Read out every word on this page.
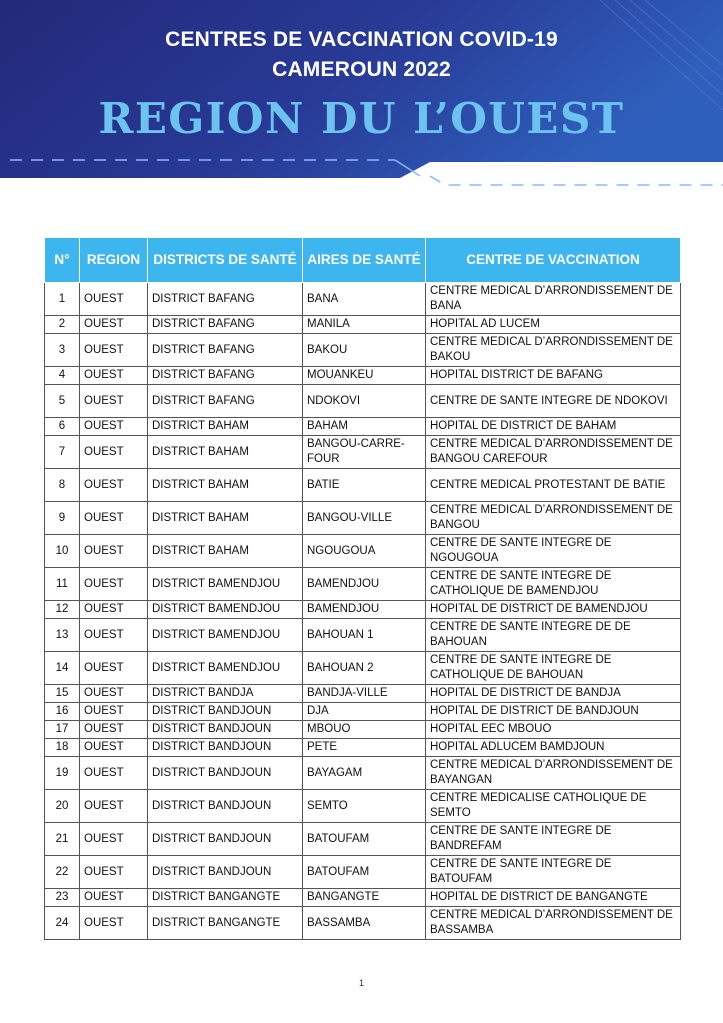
CENTRES DE VACCINATION COVID-19
CAMEROUN 2022
REGION DU L’OUEST
N°	REGION	DISTRICTS DE SANTÉ	AIRES DE SANTÉ	CENTRE DE VACCINATION
1	OUEST	DISTRICT BAFANG	BANA	CENTRE MEDICAL D’ARRONDISSEMENT DE BANA
2	OUEST	DISTRICT BAFANG	MANILA	HOPITAL AD LUCEM
3	OUEST	DISTRICT BAFANG	BAKOU	CENTRE MEDICAL D’ARRONDISSEMENT DE BAKOU
4	OUEST	DISTRICT BAFANG	MOUANKEU	HOPITAL DISTRICT DE BAFANG
5	OUEST	DISTRICT BAFANG	NDOKOVI	CENTRE DE SANTE INTEGRE DE NDOKOVI
6	OUEST	DISTRICT BAHAM	BAHAM	HOPITAL DE DISTRICT DE BAHAM
7	OUEST	DISTRICT BAHAM	BANGOU-CARRE-FOUR	CENTRE MEDICAL D’ARRONDISSEMENT DE BANGOU CAREFOUR
8	OUEST	DISTRICT BAHAM	BATIE	CENTRE MEDICAL PROTESTANT DE BATIE
9	OUEST	DISTRICT BAHAM	BANGOU-VILLE	CENTRE MEDICAL D’ARRONDISSEMENT DE BANGOU
10	OUEST	DISTRICT BAHAM	NGOUGOUA	CENTRE DE SANTE INTEGRE DE NGOUGOUA
11	OUEST	DISTRICT BAMENDJOU	BAMENDJOU	CENTRE DE SANTE INTEGRE DE CATHOLIQUE DE BAMENDJOU
12	OUEST	DISTRICT BAMENDJOU	BAMENDJOU	HOPITAL DE DISTRICT DE BAMENDJOU
13	OUEST	DISTRICT BAMENDJOU	BAHOUAN 1	CENTRE DE SANTE INTEGRE DE DE BAHOUAN
14	OUEST	DISTRICT BAMENDJOU	BAHOUAN 2	CENTRE DE SANTE INTEGRE DE CATHOLIQUE DE BAHOUAN
15	OUEST	DISTRICT BANDJA	BANDJA-VILLE	HOPITAL DE DISTRICT DE BANDJA
16	OUEST	DISTRICT BANDJOUN	DJA	HOPITAL DE DISTRICT DE BANDJOUN
17	OUEST	DISTRICT BANDJOUN	MBOUO	HOPITAL EEC MBOUO
18	OUEST	DISTRICT BANDJOUN	PETE	HOPITAL ADLUCEM BAMDJOUN
19	OUEST	DISTRICT BANDJOUN	BAYAGAM	CENTRE MEDICAL D’ARRONDISSEMENT DE BAYANGAN
20	OUEST	DISTRICT BANDJOUN	SEMTO	CENTRE MEDICALISE CATHOLIQUE DE SEMTO
21	OUEST	DISTRICT BANDJOUN	BATOUFAM	CENTRE DE SANTE INTEGRE DE BANDREFAM
22	OUEST	DISTRICT BANDJOUN	BATOUFAM	CENTRE DE SANTE INTEGRE DE BATOUFAM
23	OUEST	DISTRICT BANGANGTE	BANGANGTE	HOPITAL DE DISTRICT DE BANGANGTE
24	OUEST	DISTRICT BANGANGTE	BASSAMBA	CENTRE MEDICAL D’ARRONDISSEMENT DE BASSAMBA
1
